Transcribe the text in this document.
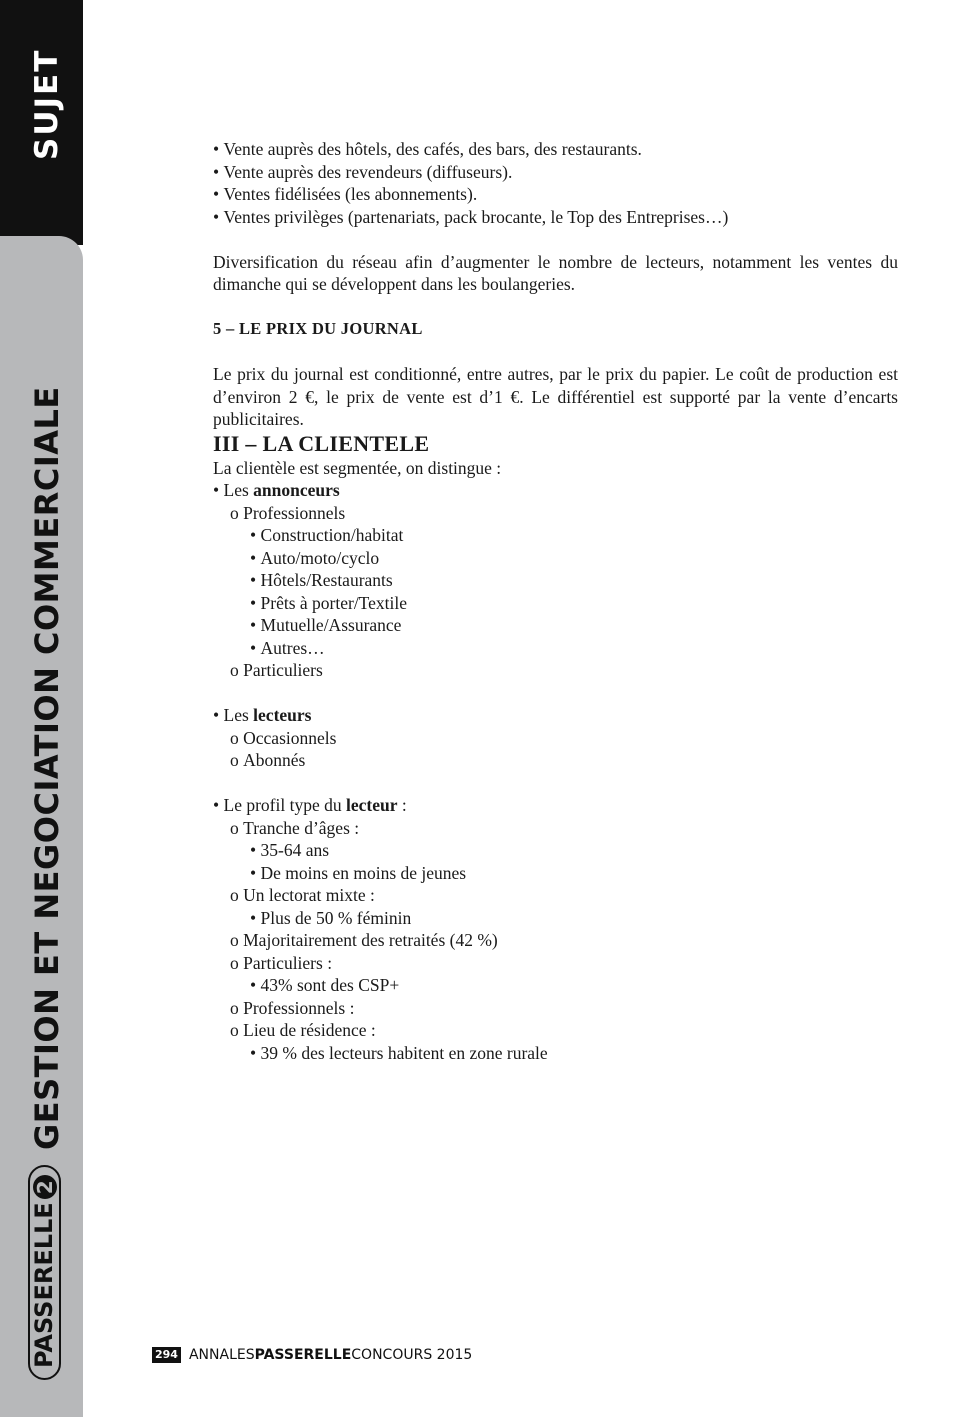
SUJET
GESTION ET NEGOCIATION COMMERCIALE
PASSERELLE
2

• Vente auprès des hôtels, des cafés, des bars, des restaurants.

• Vente auprès des revendeurs (diffuseurs).

• Ventes fidélisées (les abonnements).

• Ventes privilèges (partenariats, pack brocante, le Top des Entreprises…)

Diversification du réseau afin d’augmenter le nombre de lecteurs, notamment les ventes du dimanche qui se développent dans les boulangeries.

5 – LE PRIX DU JOURNAL

Le prix du journal est conditionné, entre autres, par le prix du papier. Le coût de production est d’environ 2 €, le prix de vente est d’1 €. Le différentiel est supporté par la vente d’encarts publicitaires.

III – LA CLIENTELE

La clientèle est segmentée, on distingue :

• Les annonceurs

o Professionnels

• Construction/habitat

• Auto/moto/cyclo

• Hôtels/Restaurants

• Prêts à porter/Textile

• Mutuelle/Assurance

• Autres…

o Particuliers

• Les lecteurs

o Occasionnels

o Abonnés

• Le profil type du lecteur :

o Tranche d’âges :

• 35-64 ans

• De moins en moins de jeunes

o Un lectorat mixte :

• Plus de 50 % féminin

o Majoritairement des retraités (42 %)

o Particuliers :

• 43% sont des CSP+

o Professionnels :

o Lieu de résidence :

• 39 % des lecteurs habitent en zone rurale

294 ANNALES PASSERELLE CONCOURS 2015
